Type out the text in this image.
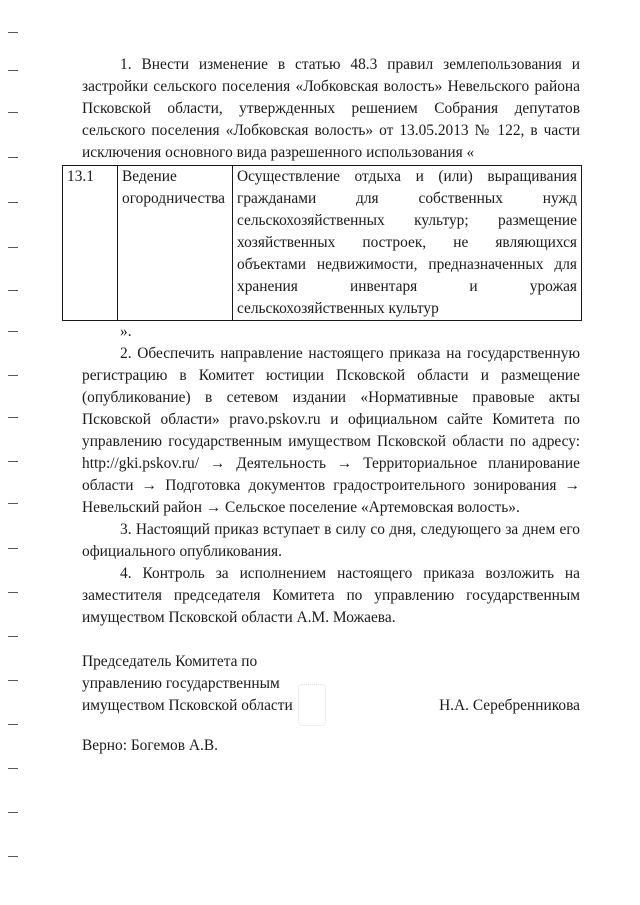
1. Внести изменение в статью 48.3 правил землепользования и застройки сельского поселения «Лобковская волость» Невельского района Псковской области, утвержденных решением Собрания депутатов сельского поселения «Лобковская волость» от 13.05.2013 № 122, в части исключения основного вида разрешенного использования «

13.1	Ведение огородничества	Осуществление отдыха и (или) выращивания гражданами для собственных нужд сельскохозяйственных культур; размещение хозяйственных построек, не являющихся объектами недвижимости, предназначенных для хранения инвентаря и урожая сельскохозяйственных культур

».

2. Обеспечить направление настоящего приказа на государственную регистрацию в Комитет юстиции Псковской области и размещение (опубликование) в сетевом издании «Нормативные правовые акты Псковской области» pravo.pskov.ru и официальном сайте Комитета по управлению государственным имуществом Псковской области по адресу: http://gki.pskov.ru/ → Деятельность → Территориальное планирование области → Подготовка документов градостроительного зонирования → Невельский район → Сельское поселение «Артемовская волость».

3. Настоящий приказ вступает в силу со дня, следующего за днем его официального опубликования.

4. Контроль за исполнением настоящего приказа возложить на заместителя председателя Комитета по управлению государственным имуществом Псковской области А.М. Можаева.

Председатель Комитета по

управлению государственным

имуществом Псковской области	Н.А. Серебренникова

Верно: Богемов А.В.
